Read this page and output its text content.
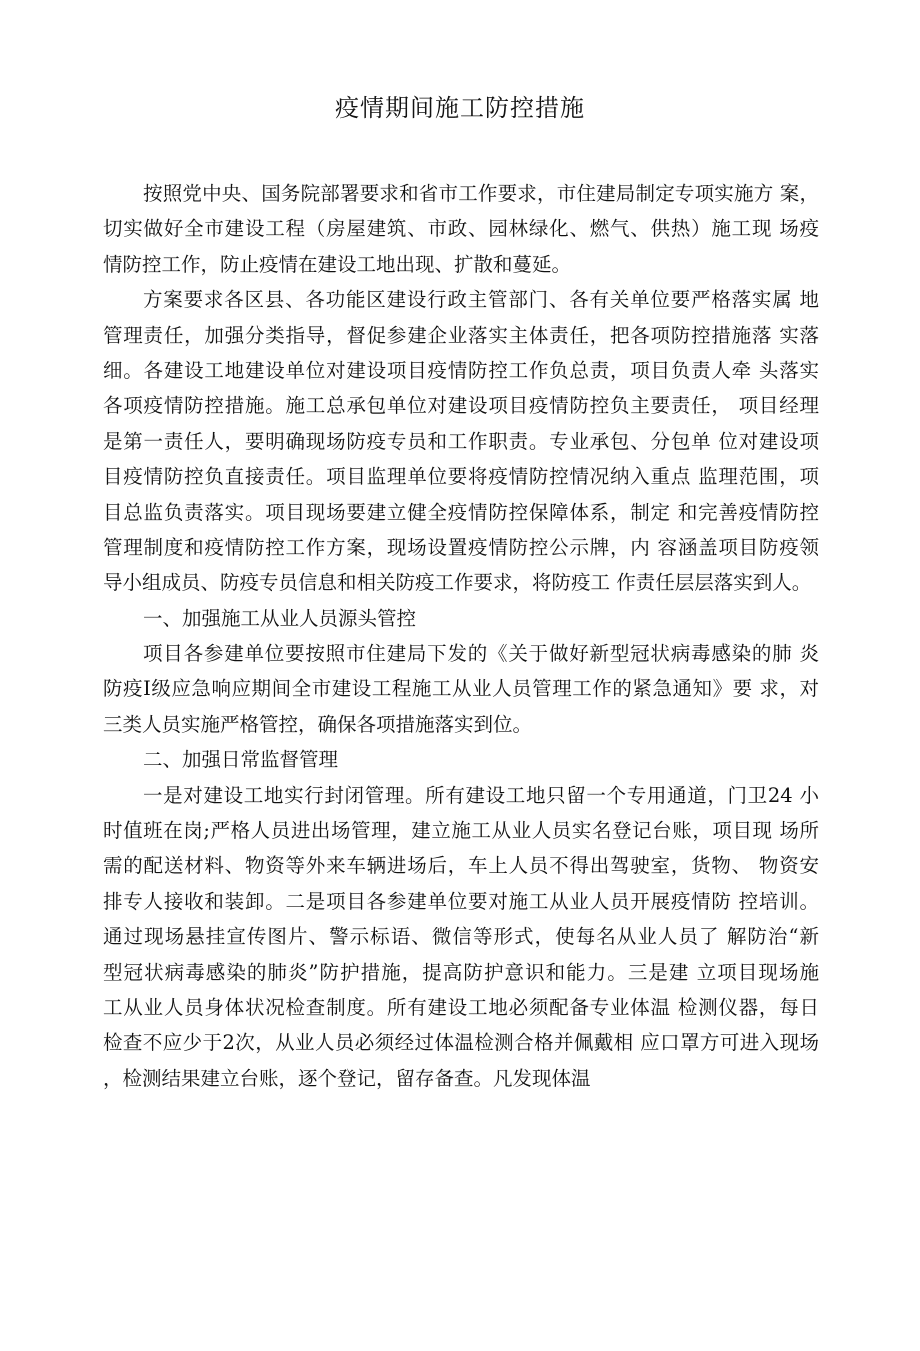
疫情期间施工防控措施
按照党中央、国务院部署要求和省市工作要求，市住建局制定专项实施方 案，
切实做好全市建设工程（房屋建筑、市政、园林绿化、燃气、供热）施工现 场疫
情防控工作，防止疫情在建设工地出现、扩散和蔓延。
方案要求各区县、各功能区建设行政主管部门、各有关单位要严格落实属 地
管理责任，加强分类指导，督促参建企业落实主体责任，把各项防控措施落 实落
细。各建设工地建设单位对建设项目疫情防控工作负总责，项目负责人牵 头落实
各项疫情防控措施。施工总承包单位对建设项目疫情防控负主要责任， 项目经理
是第一责任人，要明确现场防疫专员和工作职责。专业承包、分包单 位对建设项
目疫情防控负直接责任。项目监理单位要将疫情防控情况纳入重点 监理范围，项
目总监负责落实。项目现场要建立健全疫情防控保障体系，制定 和完善疫情防控
管理制度和疫情防控工作方案，现场设置疫情防控公示牌，内 容涵盖项目防疫领
导小组成员、防疫专员信息和相关防疫工作要求，将防疫工 作责任层层落实到人。
一、加强施工从业人员源头管控
项目各参建单位要按照市住建局下发的《关于做好新型冠状病毒感染的肺 炎
防疫I级应急响应期间全市建设工程施工从业人员管理工作的紧急通知》要 求，对
三类人员实施严格管控，确保各项措施落实到位。
二、加强日常监督管理
一是对建设工地实行封闭管理。所有建设工地只留一个专用通道，门卫24 小
时值班在岗;严格人员进出场管理，建立施工从业人员实名登记台账，项目现 场所
需的配送材料、物资等外来车辆进场后，车上人员不得出驾驶室，货物、 物资安
排专人接收和装卸。二是项目各参建单位要对施工从业人员开展疫情防 控培训。
通过现场悬挂宣传图片、警示标语、微信等形式，使每名从业人员了 解防治“新
型冠状病毒感染的肺炎”防护措施，提高防护意识和能力。三是建 立项目现场施
工从业人员身体状况检查制度。所有建设工地必须配备专业体温 检测仪器，每日
检查不应少于2次，从业人员必须经过体温检测合格并佩戴相 应口罩方可进入现场
，检测结果建立台账，逐个登记，留存备查。凡发现体温
